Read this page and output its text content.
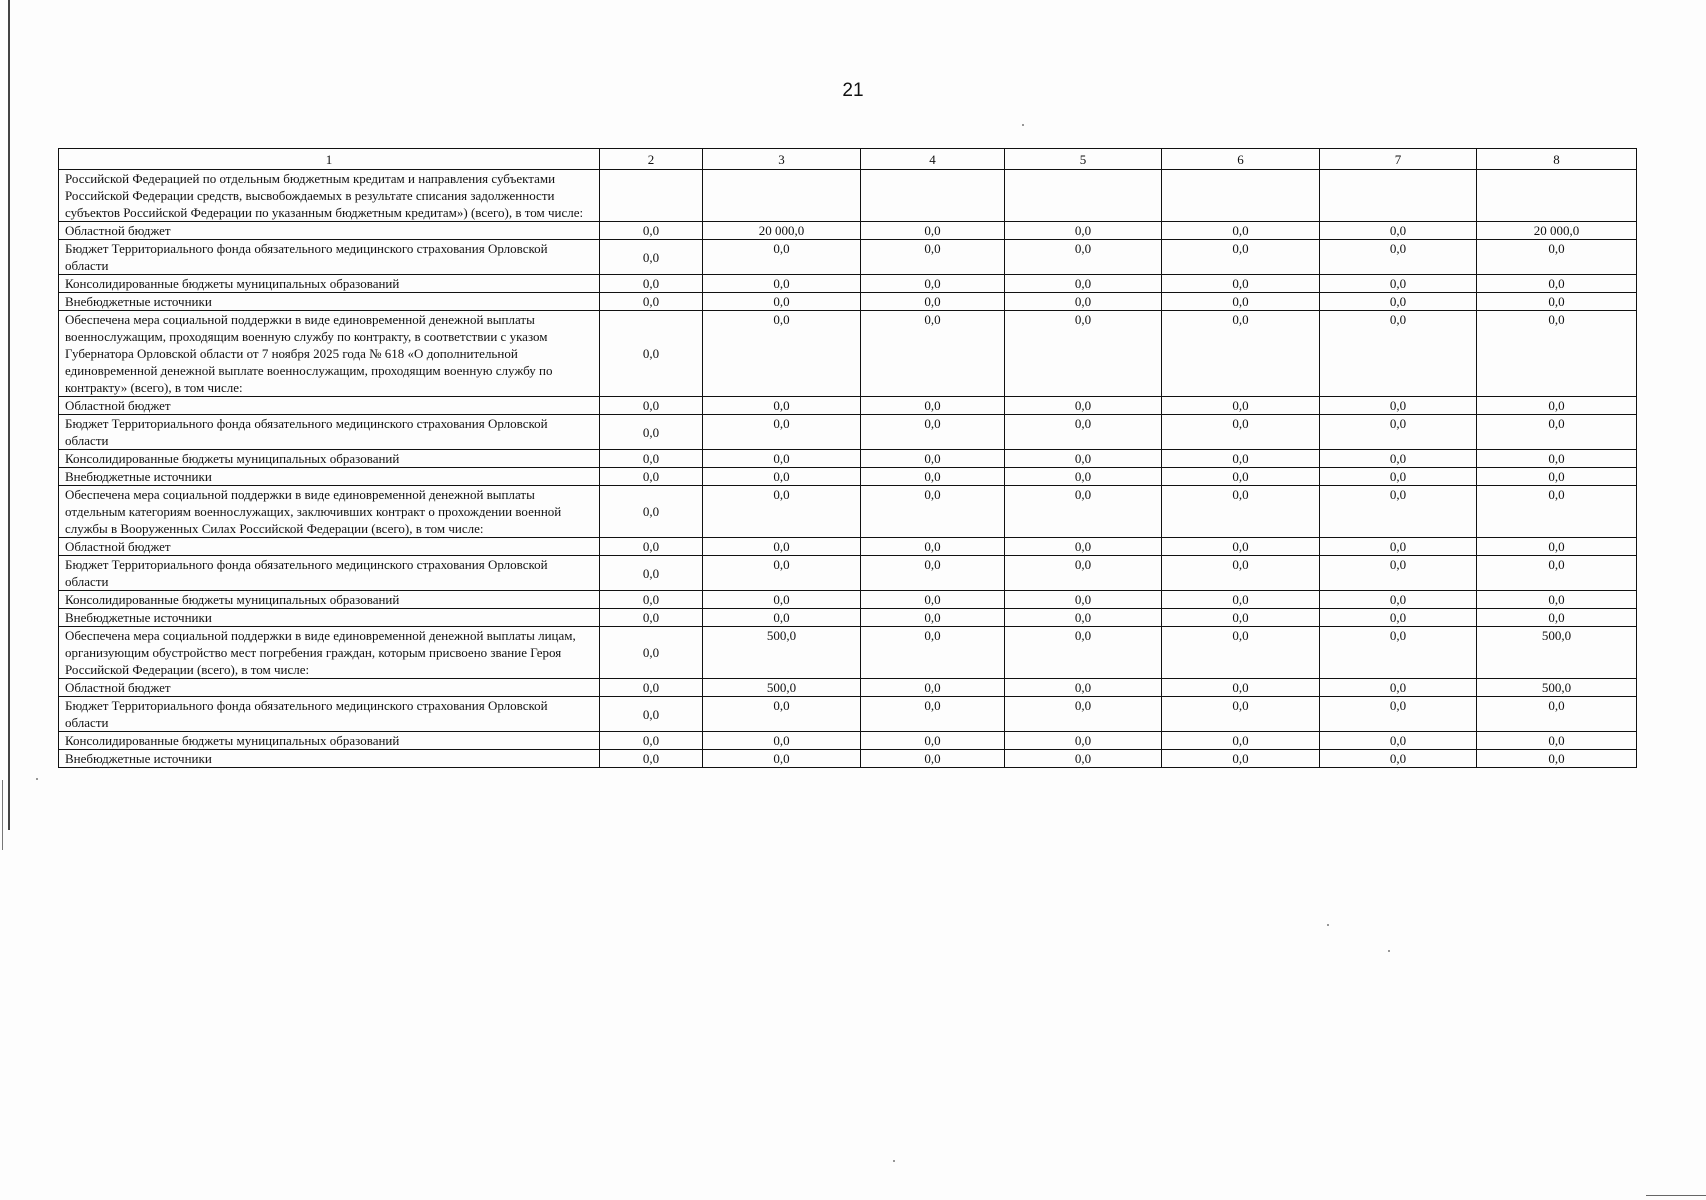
21
1	2	3	4	5	6	7	8
Российской Федерацией по отдельным бюджетным кредитам и направления субъектами Российской Федерации средств, высвобождаемых в результате списания задолженности субъектов Российской Федерации по указанным бюджетным кредитам») (всего), в том числе:							
Областной бюджет	0,0	20 000,0	0,0	0,0	0,0	0,0	20 000,0
Бюджет Территориального фонда обязательного медицинского страхования Орловской области	0,0	0,0	0,0	0,0	0,0	0,0	0,0
Консолидированные бюджеты муниципальных образований	0,0	0,0	0,0	0,0	0,0	0,0	0,0
Внебюджетные источники	0,0	0,0	0,0	0,0	0,0	0,0	0,0
Обеспечена мера социальной поддержки в виде единовременной денежной выплаты военнослужащим, проходящим военную службу по контракту, в соответствии с указом Губернатора Орловской области от 7 ноября 2025 года № 618 «О дополнительной единовременной денежной выплате военнослужащим, проходящим военную службу по контракту» (всего), в том числе:	0,0	0,0	0,0	0,0	0,0	0,0	0,0
Областной бюджет	0,0	0,0	0,0	0,0	0,0	0,0	0,0
Бюджет Территориального фонда обязательного медицинского страхования Орловской области	0,0	0,0	0,0	0,0	0,0	0,0	0,0
Консолидированные бюджеты муниципальных образований	0,0	0,0	0,0	0,0	0,0	0,0	0,0
Внебюджетные источники	0,0	0,0	0,0	0,0	0,0	0,0	0,0
Обеспечена мера социальной поддержки в виде единовременной денежной выплаты отдельным категориям военнослужащих, заключивших контракт о прохождении военной службы в Вооруженных Силах Российской Федерации (всего), в том числе:	0,0	0,0	0,0	0,0	0,0	0,0	0,0
Областной бюджет	0,0	0,0	0,0	0,0	0,0	0,0	0,0
Бюджет Территориального фонда обязательного медицинского страхования Орловской области	0,0	0,0	0,0	0,0	0,0	0,0	0,0
Консолидированные бюджеты муниципальных образований	0,0	0,0	0,0	0,0	0,0	0,0	0,0
Внебюджетные источники	0,0	0,0	0,0	0,0	0,0	0,0	0,0
Обеспечена мера социальной поддержки в виде единовременной денежной выплаты лицам, организующим обустройство мест погребения граждан, которым присвоено звание Героя Российской Федерации (всего), в том числе:	0,0	500,0	0,0	0,0	0,0	0,0	500,0
Областной бюджет	0,0	500,0	0,0	0,0	0,0	0,0	500,0
Бюджет Территориального фонда обязательного медицинского страхования Орловской области	0,0	0,0	0,0	0,0	0,0	0,0	0,0
Консолидированные бюджеты муниципальных образований	0,0	0,0	0,0	0,0	0,0	0,0	0,0
Внебюджетные источники	0,0	0,0	0,0	0,0	0,0	0,0	0,0
